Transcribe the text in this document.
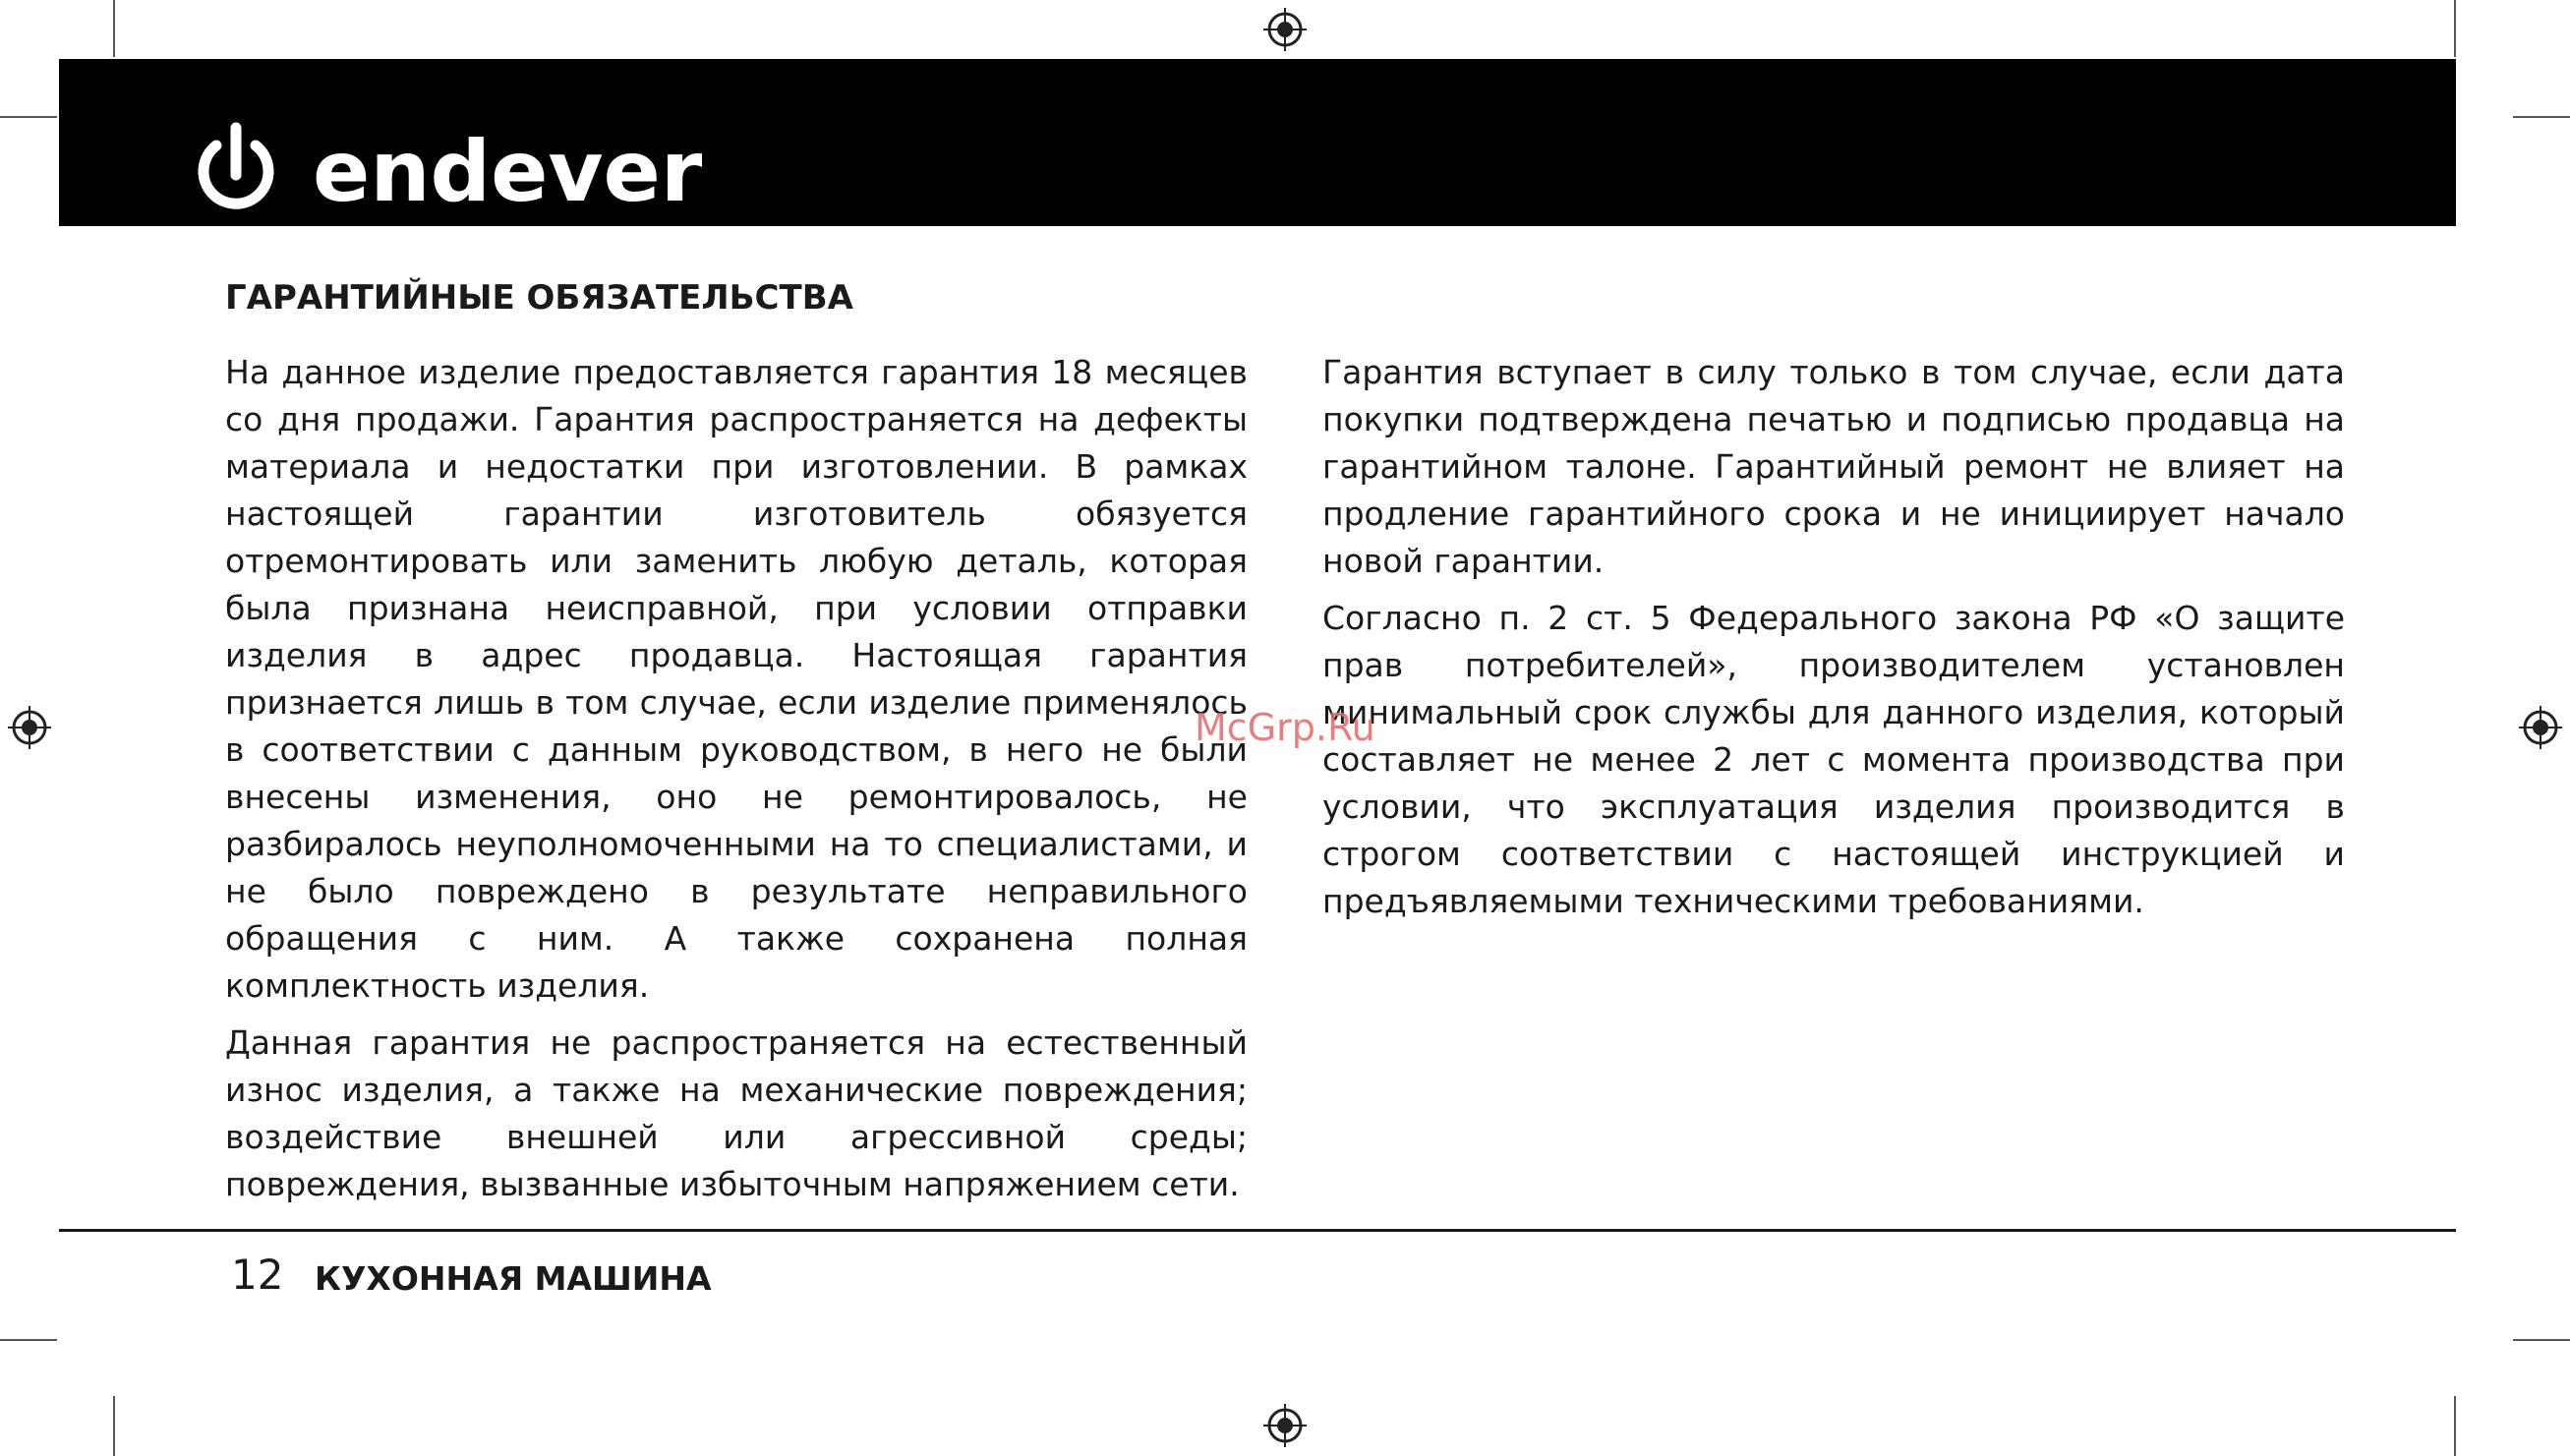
endever
ГАРАНТИЙНЫЕ ОБЯЗАТЕЛЬСТВА

На данное изделие предоставляется гарантия 18 месяцев со дня продажи. Гарантия распространяется на дефекты материала и недостатки при изготовлении. В рамках настоящей гарантии изготовитель обязуется отремонтировать или заменить любую деталь, которая была признана неисправной, при условии отправки изделия в адрес продавца. Настоящая гарантия признается лишь в том случае, если изделие применялось в соответствии с данным руководством, в него не были внесены изменения, оно не ремонтировалось, не разбиралось неуполномоченными на то специалистами, и не было повреждено в результате неправильного обращения с ним. А также сохранена полная комплектность изделия.

Данная гарантия не распространяется на естественный износ изделия, а также на механические повреждения; воздействие внешней или агрессивной среды; повреждения, вызванные избыточным напряжением сети.

Гарантия вступает в силу только в том случае, если дата покупки подтверждена печатью и подписью продавца на гарантийном талоне. Гарантийный ремонт не влияет на продление гарантийного срока и не инициирует начало новой гарантии.

Согласно п. 2 ст. 5 Федерального закона РФ «О защите прав потребителей», производителем установлен минимальный срок службы для данного изделия, который составляет не менее 2 лет с момента производства при условии, что эксплуатация изделия производится в строгом соответствии с настоящей инструкцией и предъявляемыми техническими требованиями.

McGrp.Ru
12 КУХОННАЯ МАШИНА
